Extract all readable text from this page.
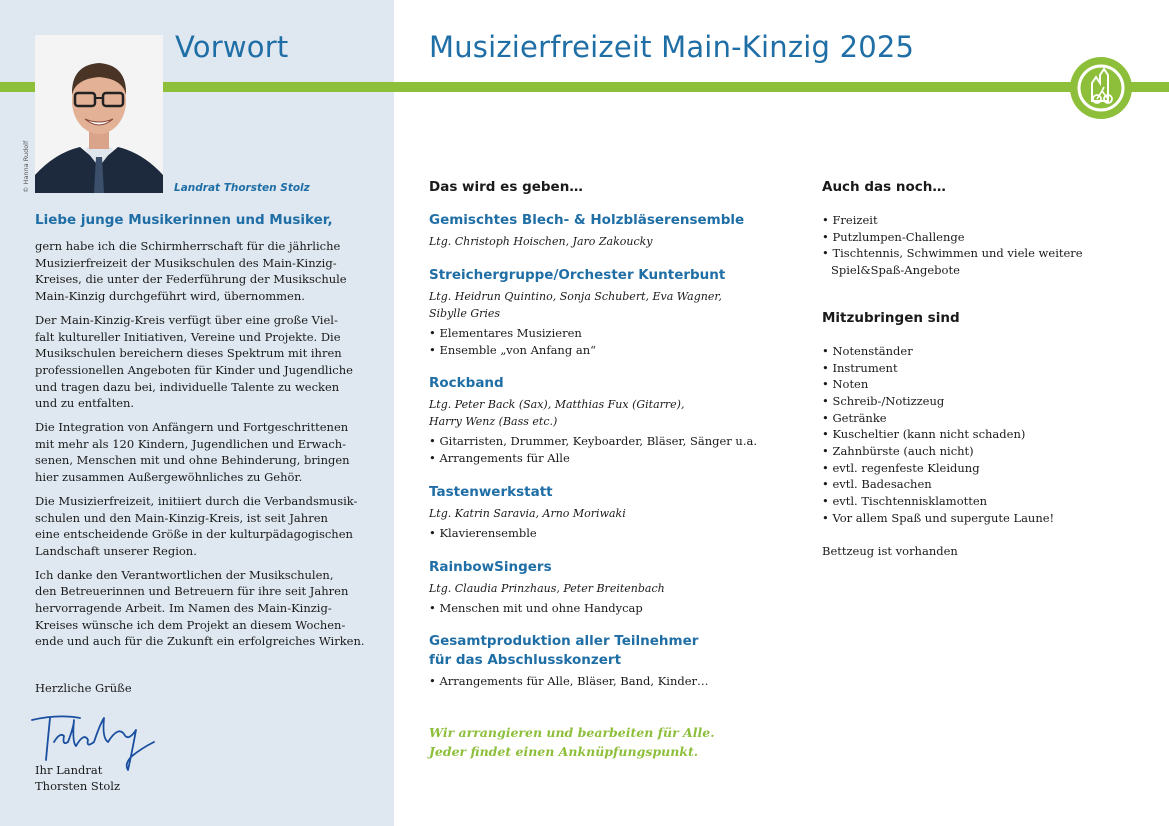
© Hanna Rudolf
Vorwort
Landrat Thorsten Stolz
Liebe junge Musikerinnen und Musiker,

gern habe ich die Schirmherrschaft für die jährliche
Musizierfreizeit der Musikschulen des Main-Kinzig-
Kreises, die unter der Federführung der Musikschule
Main-Kinzig durchgeführt wird, übernommen.

Der Main-Kinzig-Kreis verfügt über eine große Viel-
falt kultureller Initiativen, Vereine und Projekte. Die
Musikschulen bereichern dieses Spektrum mit ihren
professionellen Angeboten für Kinder und Jugendliche
und tragen dazu bei, individuelle Talente zu wecken
und zu entfalten.

Die Integration von Anfängern und Fortgeschrittenen
mit mehr als 120 Kindern, Jugendlichen und Erwach-
senen, Menschen mit und ohne Behinderung, bringen
hier zusammen Außergewöhnliches zu Gehör.

Die Musizierfreizeit, initiiert durch die Verbandsmusik-
schulen und den Main-Kinzig-Kreis, ist seit Jahren
eine entscheidende Größe in der kulturpädagogischen
Landschaft unserer Region.

Ich danke den Verantwortlichen der Musikschulen,
den Betreuerinnen und Betreuern für ihre seit Jahren
hervorragende Arbeit. Im Namen des Main-Kinzig-
Kreises wünsche ich dem Projekt an diesem Wochen-
ende und auch für die Zukunft ein erfolgreiches Wirken.

Herzliche Grüße
Ihr Landrat
Thorsten Stolz
Musizierfreizeit Main-Kinzig 2025
Das wird es geben…
Gemischtes Blech- & Holzbläserensemble
Ltg. Christoph Hoischen, Jaro Zakoucky
Streichergruppe/Orchester Kunterbunt
Ltg. Heidrun Quintino, Sonja Schubert, Eva Wagner,
Sibylle Gries
• Elementares Musizieren
• Ensemble „von Anfang an“
Rockband
Ltg. Peter Back (Sax), Matthias Fux (Gitarre),
Harry Wenz (Bass etc.)
• Gitarristen, Drummer, Keyboarder, Bläser, Sänger u.a.
• Arrangements für Alle
Tastenwerkstatt
Ltg. Katrin Saravia, Arno Moriwaki
• Klavierensemble
RainbowSingers
Ltg. Claudia Prinzhaus, Peter Breitenbach
• Menschen mit und ohne Handycap
Gesamtproduktion aller Teilnehmer
für das Abschlusskonzert
• Arrangements für Alle, Bläser, Band, Kinder…
Wir arrangieren und bearbeiten für Alle.
Jeder findet einen Anknüpfungspunkt.
Auch das noch…
• Freizeit
• Putzlumpen-Challenge
• Tischtennis, Schwimmen und viele weitere Spiel&Spaß-Angebote
Mitzubringen sind
• Notenständer
• Instrument
• Noten
• Schreib-/Notizzeug
• Getränke
• Kuscheltier (kann nicht schaden)
• Zahnbürste (auch nicht)
• evtl. regenfeste Kleidung
• evtl. Badesachen
• evtl. Tischtennisklamotten
• Vor allem Spaß und supergute Laune!
Bettzeug ist vorhanden
